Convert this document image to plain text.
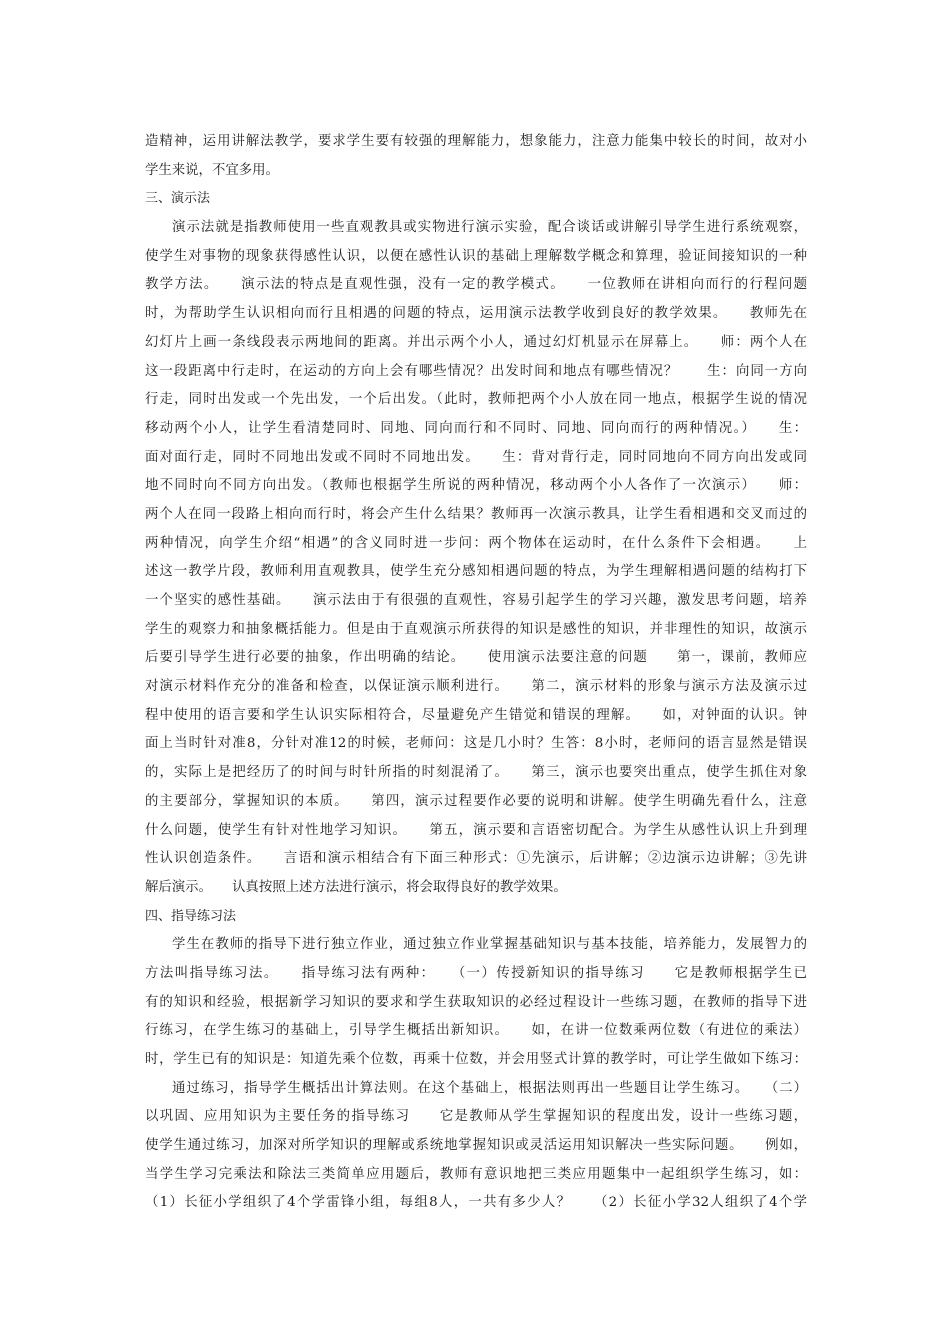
造精神，运用讲解法教学，要求学生要有较强的理解能力，想象能力，注意力能集中较长的时间，故对小
学生来说，不宜多用。
三、演示法
演示法就是指教师使用一些直观教具或实物进行演示实验，配合谈话或讲解引导学生进行系统观察，
使学生对事物的现象获得感性认识，以便在感性认识的基础上理解数学概念和算理，验证间接知识的一种
教学方法。　　演示法的特点是直观性强，没有一定的教学模式。　　一位教师在讲相向而行的行程问题
时，为帮助学生认识相向而行且相遇的问题的特点，运用演示法教学收到良好的教学效果。　　教师先在
幻灯片上画一条线段表示两地间的距离。并出示两个小人，通过幻灯机显示在屏幕上。　　师：两个人在
这一段距离中行走时，在运动的方向上会有哪些情况？出发时间和地点有哪些情况？　　生：向同一方向
行走，同时出发或一个先出发，一个后出发。（此时，教师把两个小人放在同一地点，根据学生说的情况
移动两个小人，让学生看清楚同时、同地、同向而行和不同时、同地、同向而行的两种情况。）　　生：
面对面行走，同时不同地出发或不同时不同地出发。　　生：背对背行走，同时同地向不同方向出发或同
地不同时向不同方向出发。（教师也根据学生所说的两种情况，移动两个小人各作了一次演示）　　师：
两个人在同一段路上相向而行时，将会产生什么结果？教师再一次演示教具，让学生看相遇和交叉而过的
两种情况，向学生介绍“相遇”的含义同时进一步问：两个物体在运动时，在什么条件下会相遇。　　上
述这一教学片段，教师利用直观教具，使学生充分感知相遇问题的特点，为学生理解相遇问题的结构打下
一个坚实的感性基础。　　演示法由于有很强的直观性，容易引起学生的学习兴趣，激发思考问题，培养
学生的观察力和抽象概括能力。但是由于直观演示所获得的知识是感性的知识，并非理性的知识，故演示
后要引导学生进行必要的抽象，作出明确的结论。　　使用演示法要注意的问题　　第一，课前，教师应
对演示材料作充分的准备和检查，以保证演示顺利进行。　　第二，演示材料的形象与演示方法及演示过
程中使用的语言要和学生认识实际相符合，尽量避免产生错觉和错误的理解。　　如，对钟面的认识。钟
面上当时针对准8，分针对准12的时候，老师问：这是几小时？生答：8小时，老师问的语言显然是错误
的，实际上是把经历了的时间与时针所指的时刻混淆了。　　第三，演示也要突出重点，使学生抓住对象
的主要部分，掌握知识的本质。　　第四，演示过程要作必要的说明和讲解。使学生明确先看什么，注意
什么问题，使学生有针对性地学习知识。　　第五，演示要和言语密切配合。为学生从感性认识上升到理
性认识创造条件。　　言语和演示相结合有下面三种形式：①先演示，后讲解；②边演示边讲解；③先讲
解后演示。　　认真按照上述方法进行演示，将会取得良好的教学效果。
四、指导练习法
学生在教师的指导下进行独立作业，通过独立作业掌握基础知识与基本技能，培养能力，发展智力的
方法叫指导练习法。　　指导练习法有两种：　　（一）传授新知识的指导练习　　它是教师根据学生已
有的知识和经验，根据新学习知识的要求和学生获取知识的必经过程设计一些练习题，在教师的指导下进
行练习，在学生练习的基础上，引导学生概括出新知识。　　如，在讲一位数乘两位数（有进位的乘法）
时，学生已有的知识是：知道先乘个位数，再乘十位数，并会用竖式计算的教学时，可让学生做如下练习：
通过练习，指导学生概括出计算法则。在这个基础上，根据法则再出一些题目让学生练习。　　（二）
以巩固、应用知识为主要任务的指导练习　　它是教师从学生掌握知识的程度出发，设计一些练习题，
使学生通过练习，加深对所学知识的理解或系统地掌握知识或灵活运用知识解决一些实际问题。　　例如，
当学生学习完乘法和除法三类简单应用题后，教师有意识地把三类应用题集中一起组织学生练习，如：
（1）长征小学组织了4个学雷锋小组，每组8人，一共有多少人？　　（2）长征小学32人组织了4个学
